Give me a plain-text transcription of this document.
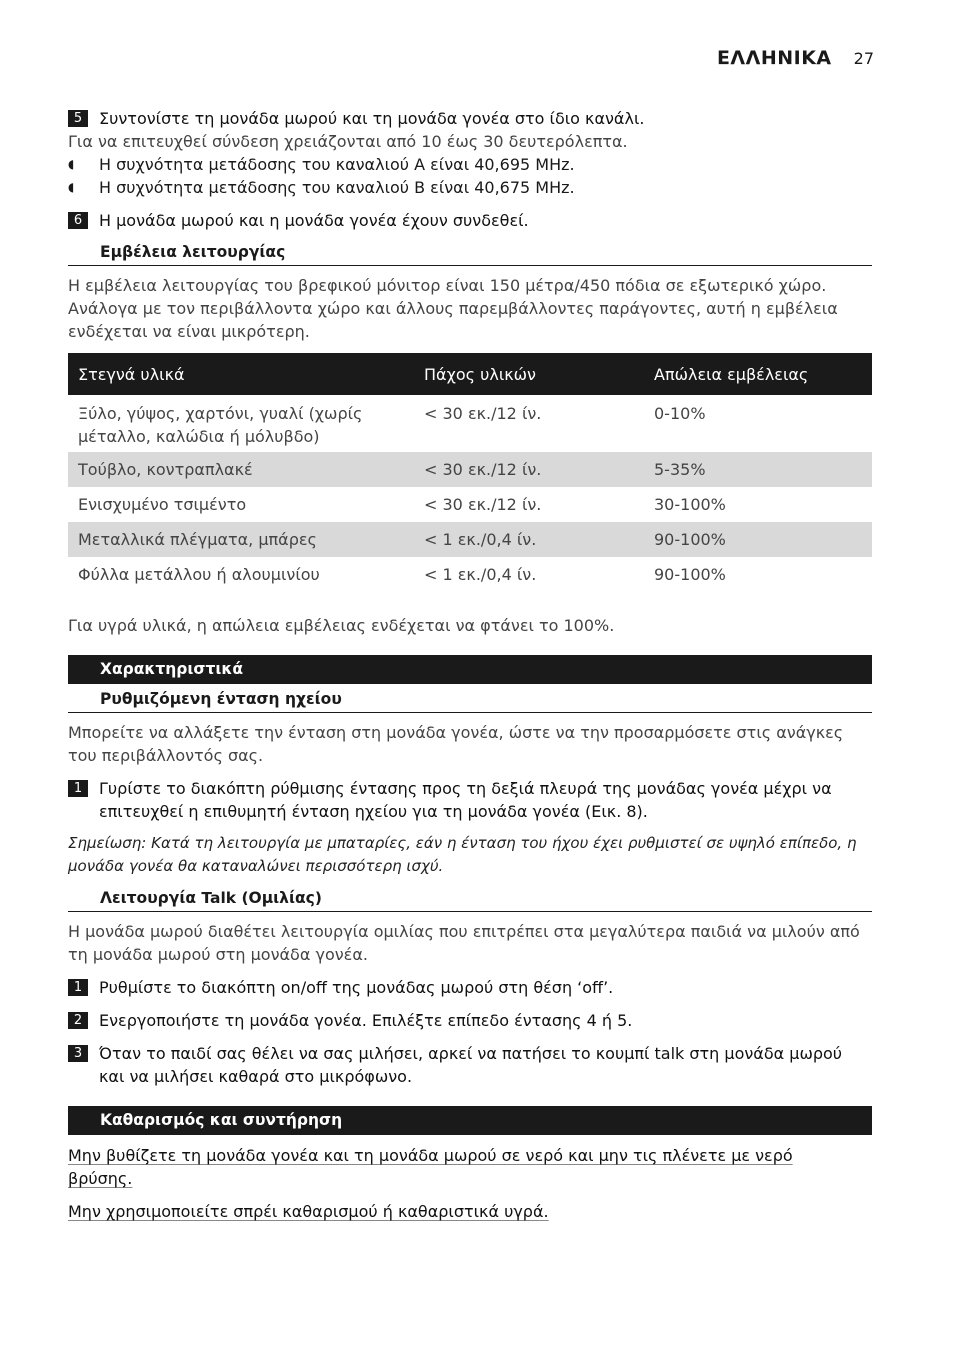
ΕΛΛΗΝΙΚΑ 27
5	Συντονίστε τη μονάδα μωρού και τη μονάδα γονέα στο ίδιο κανάλι.
Για να επιτευχθεί σύνδεση χρειάζονται από 10 έως 30 δευτερόλεπτα.
◖	Η συχνότητα μετάδοσης του καναλιού A είναι 40,695 MHz.
◖	Η συχνότητα μετάδοσης του καναλιού B είναι 40,675 MHz.
6	Η μονάδα μωρού και η μονάδα γονέα έχουν συνδεθεί.
Εμβέλεια λειτουργίας
Η εμβέλεια λειτουργίας του βρεφικού μόνιτορ είναι 150 μέτρα/450 πόδια σε εξωτερικό χώρο. Ανάλογα με τον περιβάλλοντα χώρο και άλλους παρεμβάλλοντες παράγοντες, αυτή η εμβέλεια ενδέχεται να είναι μικρότερη.
Στεγνά υλικά	Πάχος υλικών	Απώλεια εμβέλειας
Ξύλο, γύψος, χαρτόνι, γυαλί (χωρίς μέταλλο, καλώδια ή μόλυβδο)	< 30 εκ./12 ίν.	0-10%
Τούβλο, κοντραπλακέ	< 30 εκ./12 ίν.	5-35%
Ενισχυμένο τσιμέντο	< 30 εκ./12 ίν.	30-100%
Μεταλλικά πλέγματα, μπάρες	< 1 εκ./0,4 ίν.	90-100%
Φύλλα μετάλλου ή αλουμινίου	< 1 εκ./0,4 ίν.	90-100%
Για υγρά υλικά, η απώλεια εμβέλειας ενδέχεται να φτάνει το 100%.
Χαρακτηριστικά
Ρυθμιζόμενη ένταση ηχείου
Μπορείτε να αλλάξετε την ένταση στη μονάδα γονέα, ώστε να την προσαρμόσετε στις ανάγκες του περιβάλλοντός σας.
1	Γυρίστε το διακόπτη ρύθμισης έντασης προς τη δεξιά πλευρά της μονάδας γονέα μέχρι να επιτευχθεί η επιθυμητή ένταση ηχείου για τη μονάδα γονέα (Εικ. 8).
Σημείωση: Κατά τη λειτουργία με μπαταρίες, εάν η ένταση του ήχου έχει ρυθμιστεί σε υψηλό επίπεδο, η μονάδα γονέα θα καταναλώνει περισσότερη ισχύ.
Λειτουργία Talk (Ομιλίας)
Η μονάδα μωρού διαθέτει λειτουργία ομιλίας που επιτρέπει στα μεγαλύτερα παιδιά να μιλούν από τη μονάδα μωρού στη μονάδα γονέα.
1	Ρυθμίστε το διακόπτη on/off της μονάδας μωρού στη θέση ‘off’.
2	Ενεργοποιήστε τη μονάδα γονέα. Επιλέξτε επίπεδο έντασης 4 ή 5.
3	Όταν το παιδί σας θέλει να σας μιλήσει, αρκεί να πατήσει το κουμπί talk στη μονάδα μωρού και να μιλήσει καθαρά στο μικρόφωνο.
Καθαρισμός και συντήρηση
Μην βυθίζετε τη μονάδα γονέα και τη μονάδα μωρού σε νερό και μην τις πλένετε με νερό βρύσης.
Μην χρησιμοποιείτε σπρέι καθαρισμού ή καθαριστικά υγρά.
